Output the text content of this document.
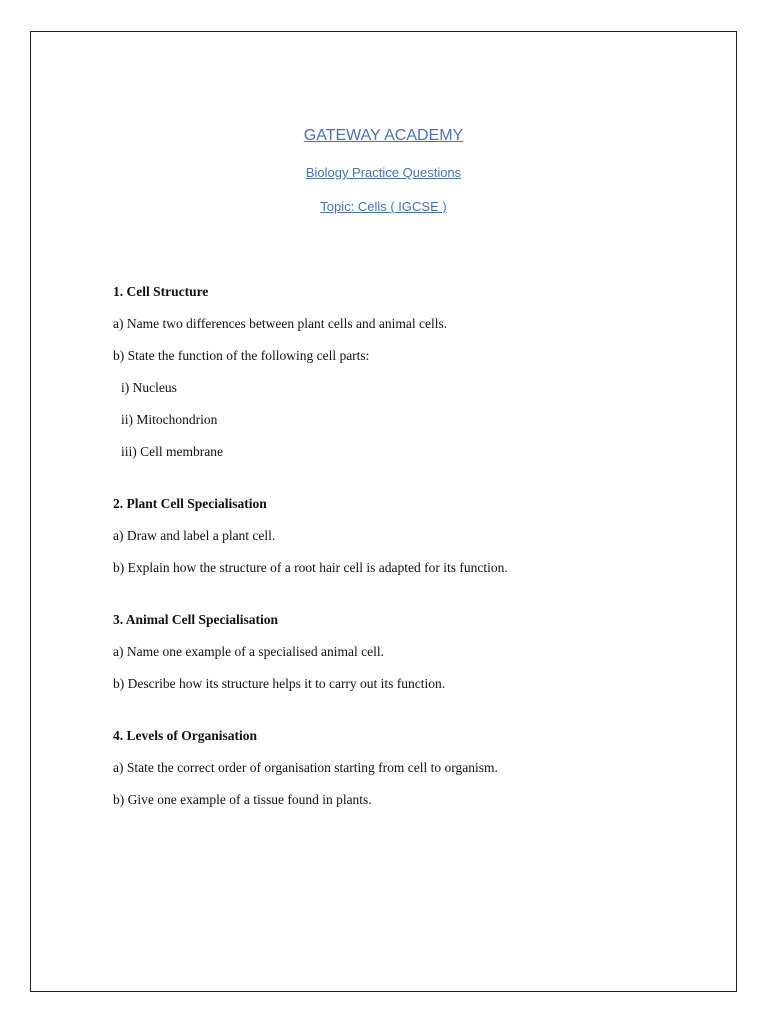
GATEWAY ACADEMY
Biology Practice Questions
Topic: Cells ( IGCSE )
1. Cell Structure
a) Name two differences between plant cells and animal cells.
b) State the function of the following cell parts:
i) Nucleus
ii) Mitochondrion
iii) Cell membrane
2. Plant Cell Specialisation
a) Draw and label a plant cell.
b) Explain how the structure of a root hair cell is adapted for its function.
3. Animal Cell Specialisation
a) Name one example of a specialised animal cell.
b) Describe how its structure helps it to carry out its function.
4. Levels of Organisation
a) State the correct order of organisation starting from cell to organism.
b) Give one example of a tissue found in plants.
